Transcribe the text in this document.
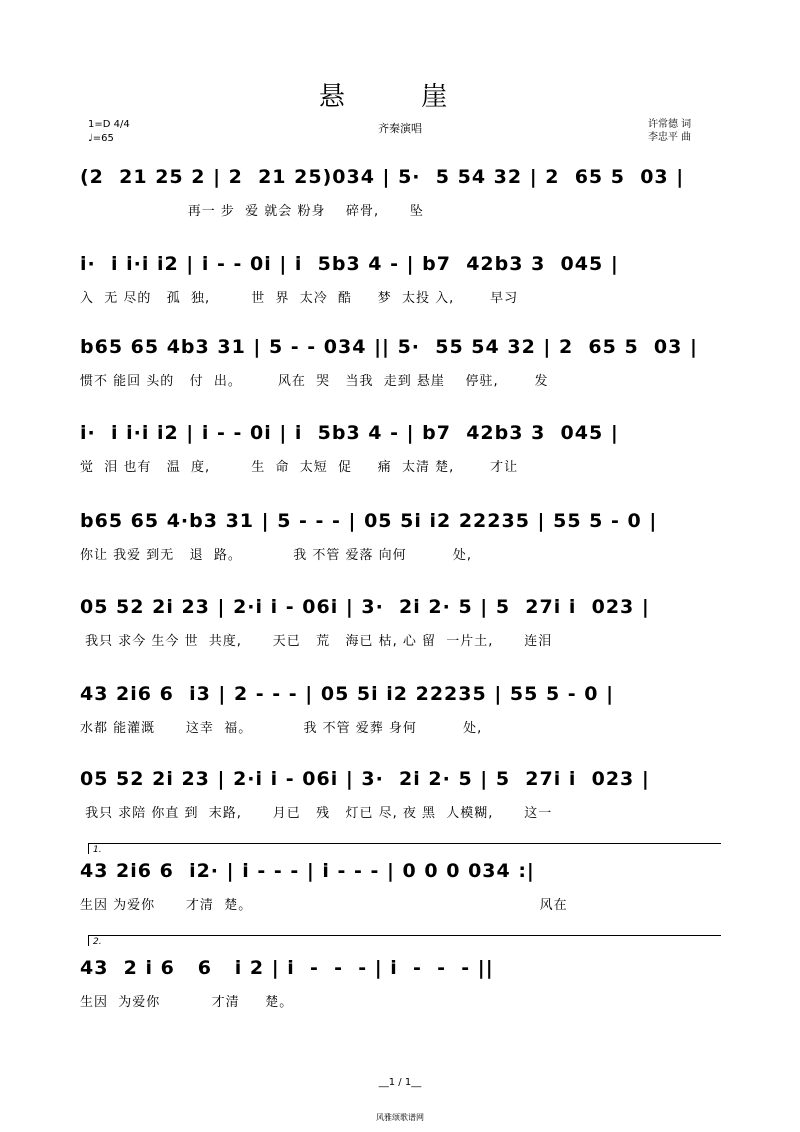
悬 崖
齐秦演唱
1=D 4/4
♩=65
许常德 词
李忠平 曲
(2  21 25 2 | 2  21 25)034 | 5·  5 54 32 | 2  65 5  03 |
再一 步  爱 就会 粉身    碎骨,      坠
i·  i i·i i2 | i - - 0i | i  5b3 4 - | b7  42b3 3  045 |
入  无 尽的   孤  独,        世  界  太冷  酷     梦  太投 入,       早习
b65 65 4b3 31 | 5 - - 034 || 5·  55 54 32 | 2  65 5  03 |
惯不 能回 头的   付  出。       风在  哭   当我  走到 悬崖    停驻,       发
i·  i i·i i2 | i - - 0i | i  5b3 4 - | b7  42b3 3  045 |
觉  泪 也有   温  度,        生  命  太短  促     痛  太清 楚,       才让
b65 65 4·b3 31 | 5 - - - | 05 5i i2 22235 | 55 5 - 0 |
你让 我爱 到无   退  路。          我 不管 爱落 向何         处,
05 52 2i 23 | 2·i i - 06i | 3·  2i 2· 5 | 5  27i i  023 |
我只 求今 生今 世  共度,      天已   荒   海已 枯, 心 留  一片土,      连泪
43 2i6 6  i3 | 2 - - - | 05 5i i2 22235 | 55 5 - 0 |
水都 能灌溉      这幸  福。          我 不管 爱葬 身何         处,
05 52 2i 23 | 2·i i - 06i | 3·  2i 2· 5 | 5  27i i  023 |
我只 求陪 你直 到  末路,      月已   残   灯已 尽, 夜 黑  人模糊,      这一
1.
43 2i6 6  i2· | i - - - | i - - - | 0 0 0 034 :|
生因 为爱你      才清  楚。                                                        风在
2.
43  2 i 6   6   i 2 | i  -  -  - | i  -  -  - ||
生因  为爱你          才清     楚。
__1 / 1__
风雅颂歌谱网
